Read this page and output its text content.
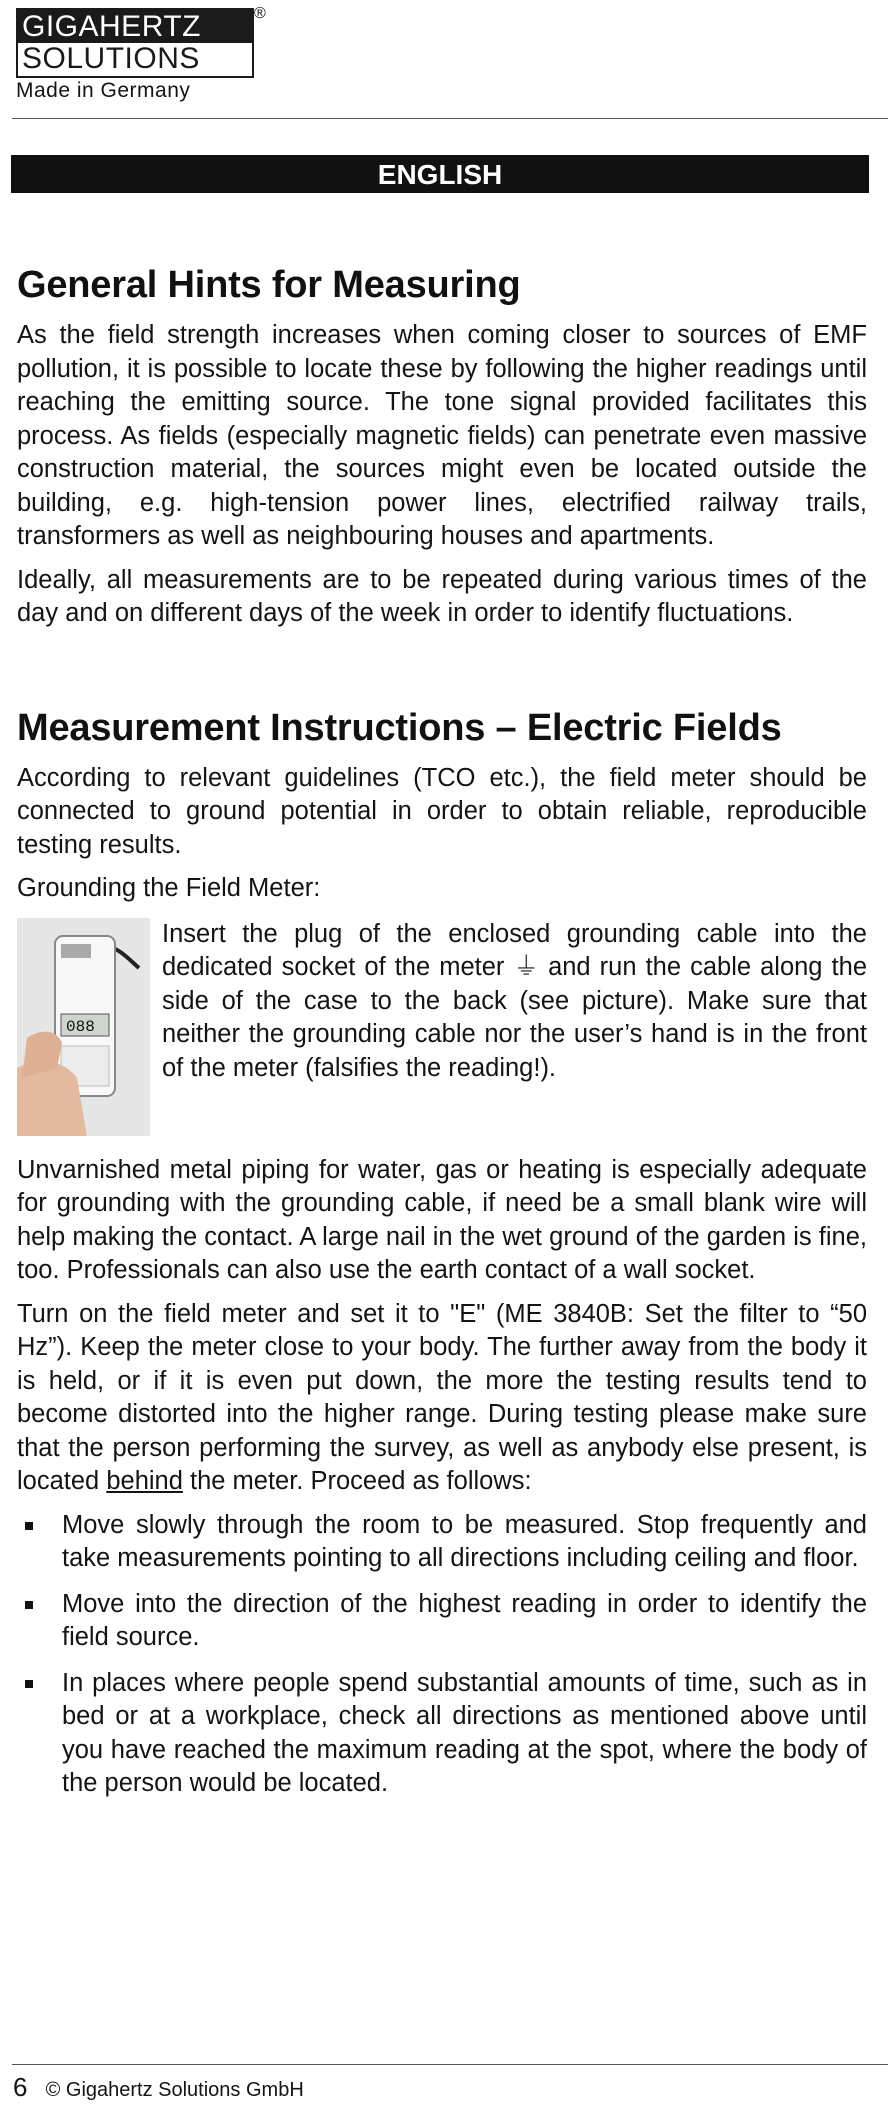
GIGAHERTZ
SOLUTIONS
®
Made in Germany
ENGLISH
General Hints for Measuring

As the field strength increases when coming closer to sources of EMF pollution, it is possible to locate these by following the higher readings until reaching the emitting source. The tone signal provided facilitates this process. As fields (especially magnetic fields) can penetrate even massive construction material, the sources might even be located outside the building, e.g. high-tension power lines, electrified railway trails, transformers as well as neighbouring houses and apartments.

Ideally, all measurements are to be repeated during various times of the day and on different days of the week in order to identify fluctuations.

Measurement Instructions – Electric Fields

According to relevant guidelines (TCO etc.), the field meter should be connected to ground potential in order to obtain reliable, reproducible testing results.

Grounding the Field Meter:

088

Insert the plug of the enclosed grounding cable into the dedicated socket of the meter ⏚ and run the cable along the side of the case to the back (see picture). Make sure that neither the grounding cable nor the user’s hand is in the front of the meter (falsifies the reading!).

Unvarnished metal piping for water, gas or heating is especially adequate for grounding with the grounding cable, if need be a small blank wire will help making the contact. A large nail in the wet ground of the garden is fine, too. Professionals can also use the earth contact of a wall socket.

Turn on the field meter and set it to "E" (ME 3840B: Set the filter to “50 Hz”). Keep the meter close to your body. The further away from the body it is held, or if it is even put down, the more the testing results tend to become distorted into the higher range. During testing please make sure that the person performing the survey, as well as anybody else present, is located behind the meter. Proceed as follows:

Move slowly through the room to be measured. Stop frequently and take measurements pointing to all directions including ceiling and floor.
Move into the direction of the highest reading in order to identify the field source.
In places where people spend substantial amounts of time, such as in bed or at a workplace, check all directions as mentioned above until you have reached the maximum reading at the spot, where the body of the person would be located.
6 © Gigahertz Solutions GmbH
